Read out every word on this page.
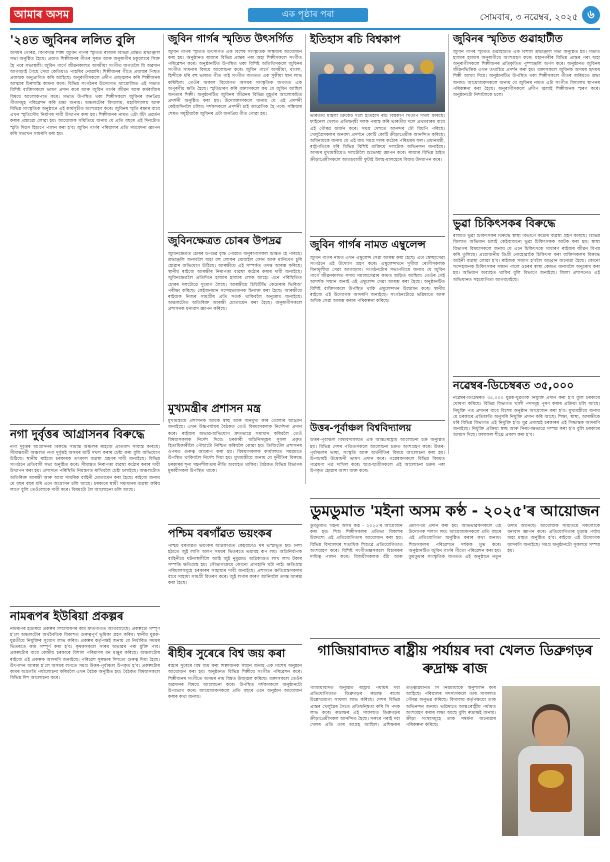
আমাৰ অসম	এক পৃষ্ঠাৰ পৰা	সোমবাৰ, ৩ নৱেম্বৰ, ২০২৫ ৬
'২৪ত জুবিনৰ ললিত বুলি
অসমৰ গৌৰৱ, কিংবদন্তি শিল্পী জুবিন গাৰ্গৰ স্মৃতিত ৰাজ্যৰ বিভিন্ন প্ৰান্তত শ্ৰদ্ধাঞ্জলি সভা অনুষ্ঠিত হৈছে। প্ৰয়াত শিল্পীজনৰ গীতৰ সুৰত আৰু অনুৰাগীৰ চকুলোৰে সিক্ত হৈ পৰে সভাস্থলী। জুবিন গাৰ্গে জীৱনকালত অসমীয়া সংগীত জগতলৈ যি অৱদান আগবঢ়াই গৈছে সেয়া কেতিয়াও পাহৰিব নোৱাৰি। শিল্পীজনৰ গীতে প্ৰজন্মৰ পিছত প্ৰজন্মক অনুপ্ৰাণিত কৰি আহিছে। অনুৰাগীসকলে প্ৰদীপ প্ৰজ্জ্বলন কৰি শিল্পীজনৰ আত্মাৰ চিৰশান্তি কামনা কৰে। বিভিন্ন সংগঠনৰ উদ্যোগত আয়োজিত এই সভাত বিশিষ্ট ব্যক্তিসকলে ভাষণ প্ৰদান কৰে আৰু জুবিন গাৰ্গৰ জীৱন আৰু কৰ্মৰাজিৰ বিষয়ে আলোকপাত কৰে। সভাত উপস্থিত থকা শিল্পীসকলে জুবিনৰ জনপ্ৰিয় গীতসমূহ পৰিৱেশন কৰি শ্ৰদ্ধা জনায়। অঞ্চলটোৰ বিদ্যালয়, মহাবিদ্যালয় আৰু বিভিন্ন সাংস্কৃতিক অনুষ্ঠানে এই কাৰ্যসূচীত অংশগ্ৰহণ কৰে। জুবিনৰ স্মৃতি ৰক্ষাৰ বাবে এখন স্মৃতিসৌধ নিৰ্মাণৰ দাবী উত্থাপন কৰা হয়। শিল্পীজনৰ নামত এটা বঁটা প্ৰৱৰ্তন কৰাৰ প্ৰস্তাৱো লোৱা হয়। আয়োজক সমিতিয়ে জনায় যে প্ৰতি বছৰে এই দিনটোত স্মৃতি দিৱস হিচাপে পালন কৰা হ'ব। জুবিন গাৰ্গৰ পৰিয়ালৰ প্ৰতি সমবেদনা জ্ঞাপন কৰি সভাখন সামৰণি মৰা হয়।
নগা দুৰ্বৃত্তৰ আগ্ৰাসনৰ বিৰুদ্ধে
নগা দুৰ্বৃত্তৰ আগ্ৰাসনৰ বিৰুদ্ধে সীমান্ত অঞ্চলৰ ৰাইজে প্ৰতিবাদ সাব্যস্ত কৰিছে। সীমান্তবৰ্তী অঞ্চলত নগা দুৰ্বৃত্তই অসমৰ মাটি দখল কৰাৰ চেষ্টা কৰা বুলি অভিযোগ উঠিছে। স্থানীয় ৰাইজে চৰকাৰক তৎকাল ব্যৱস্থা গ্ৰহণৰ দাবী জনাইছে। বিভিন্ন সংগঠনে প্ৰতিবাদী সভা অনুষ্ঠিত কৰে। সীমান্তত নিৰাপত্তা ব্যৱস্থা কঠোৰ কৰাৰ দাবী উত্থাপন কৰা হয়। প্ৰশাসনে পৰিস্থিতি নিয়ন্ত্ৰণত ৰাখিবলৈ চেষ্টা চলাইছে। অঞ্চলটোত অতিৰিক্ত আৰক্ষী আৰু আধা সামৰিক বাহিনী মোতায়েন কৰা হৈছে। ৰাইজে জনায় যে বছৰ বছৰ ধৰি এনে আগ্ৰাসন চলি আছে। চৰকাৰে স্থায়ী সমাধানৰ ব্যৱস্থা কৰিব লাগে বুলি তেওঁলোকে দাবী কৰে। বিষয়টো লৈ আলোচনা চলি আছে।
নামৰূপৰ ইউৰিয়া প্ৰকল্পৰ
নামৰূপৰ ইউৰিয়া প্ৰকল্পৰ সম্প্ৰসাৰণৰ কাম দ্ৰুতগতিত আগবাঢ়িছে। প্ৰকল্পটো সম্পূৰ্ণ হ'লে অঞ্চলটোৰ অৰ্থনৈতিক বিকাশত গুৰুত্বপূৰ্ণ ভূমিকা গ্ৰহণ কৰিব। স্থানীয় যুৱক-যুৱতীয়ে নিযুক্তিৰ সুযোগ লাভ কৰিব। প্ৰকল্পৰ কৰ্তৃপক্ষই জনায় যে নিৰ্ধাৰিত সময়ৰ ভিতৰতে কাম সম্পূৰ্ণ কৰা হ'ব। কৃষকসকলে সাৰৰ অভাৱৰ পৰা মুক্তি পাব। প্ৰকল্পটোৰ বাবে কেন্দ্ৰীয় চৰকাৰে বিশাল পৰিমাণৰ ধন মঞ্জুৰ কৰিছে। অঞ্চলটোৰ ৰাইজে এই প্ৰকল্পক আদৰণি জনাইছে। পৰিৱেশ সুৰক্ষাৰ দিশতো গুৰুত্ব দিয়া হৈছে। উৎপাদন আৰম্ভ হ'লে অসমৰ লগতে সমগ্ৰ উত্তৰ-পূৰ্বাঞ্চল উপকৃত হ'ব। প্ৰকল্পটোৰ কামৰ অগ্ৰগতি পৰ্যালোচনা কৰিবলৈ এখন বৈঠক অনুষ্ঠিত হয়। বৈঠকত বিষয়াসকলে বিভিন্ন দিশ আলোচনা কৰে।
জুবিন গাৰ্গৰ স্মৃতিত উৎসৰ্গিত
জুবিন গাৰ্গৰ স্মৃতিত উৎসৰ্গিত এক বিশেষ সাংস্কৃতিক সন্ধিয়াৰ আয়োজন কৰা হয়। অনুষ্ঠানত ৰাজ্যৰ বিভিন্ন প্ৰান্তৰ পৰা অহা শিল্পীসকলে সংগীত পৰিৱেশন কৰে। অনুষ্ঠানটিত উপস্থিত থকা বিশিষ্ট অতিথিসকলে জুবিনৰ সংগীত সাধনাৰ বিষয়ে আলোচনা কৰে। জুবিন গাৰ্গে অসমীয়া, বাংলা, হিন্দীকে ধৰি বহু ভাষাত গীত গাই সংগীত জগতত এক সুকীয়া স্থান লাভ কৰিছিল। তেওঁৰ অকাল বিয়োগত অসমৰ সাংস্কৃতিক জগতত এক অপূৰণীয় ক্ষতি হৈছে। স্মৃতিচাৰণ কৰি বক্তাসকলে কয় যে জুবিন আছিল জনতাৰ শিল্পী। অনুষ্ঠানটিত জুবিনৰ জীৱনৰ বিভিন্ন মুহূৰ্তৰ আলোকচিত্ৰ প্ৰদৰ্শনী অনুষ্ঠিত কৰা হয়। উদ্যোক্তাসকলে জনায় যে এই প্ৰদৰ্শনী কেইবাদিনলৈ চলিব। দৰ্শকসকলে প্ৰদৰ্শনী চাই আৱেগিক হৈ পৰে। সন্ধিয়াৰ শেষত সমূহীয়াকৈ জুবিনৰ এটা জনপ্ৰিয় গীত গোৱা হয়।
জুবিনক্ষেত্ৰত চোৰৰ উপদ্ৰৱ
জুবিনক্ষেত্ৰত চোৰৰ উপদ্ৰৱ বৃদ্ধি পোৱাত অনুৰাগীসকল চিন্তিত হৈ পৰিছে। শ্ৰদ্ধাঞ্জলি জনাবলৈ অহা বহু লোকৰ মোবাইল ফোন আৰু মানিবেগ চুৰি হোৱাৰ অভিযোগ উঠিছে। আৰক্ষীয়ে এই সম্পৰ্কত তদন্ত আৰম্ভ কৰিছে। স্থানীয় ৰাইজে আৰক্ষীৰ নিৰাপত্তা ব্যৱস্থা কঠোৰ কৰাৰ দাবী জনাইছে। জুবিনক্ষেত্ৰলৈ প্ৰতিদিনে হাজাৰ হাজাৰ লোক আহে। এনে পৰিস্থিতিত চোৰৰ দলটোৱে সুযোগ লৈছে। আৰক্ষীয়ে চিচিটিভি কেমেৰাৰ ভিৰিঅ' পৰীক্ষা কৰিছে। কেইজনমান সন্দেহভাজনক চিনাক্ত কৰা হৈছে। আৰক্ষীয়ে ৰাইজক নিজৰ সামগ্ৰীৰ প্ৰতি সতৰ্ক থাকিবলৈ অনুৰোধ জনাইছে। অঞ্চলটোত অতিৰিক্ত আৰক্ষী মোতায়েন কৰা হৈছে। অনুৰাগীসকলে প্ৰশাসনক ধন্যবাদ জ্ঞাপন কৰিছে।
মুখ্যমন্ত্ৰীৰ প্ৰশাসন মন্ত্ৰ
মুখ্যমন্ত্ৰীয়ে প্ৰশাসনক অধিক স্বচ্ছ আৰু জনমুখী কৰি তোলাৰ আহ্বান জনাইছে। এখন উচ্চপৰ্যায়ৰ বৈঠকত তেওঁ বিষয়াসকলক নিৰ্দেশনা প্ৰদান কৰে। ৰাইজৰ অভাৱ-অভিযোগ দ্ৰুতভাৱে সমাধান কৰিবলৈ তেওঁ বিষয়াসকলক নিৰ্দেশ দিয়ে। চৰকাৰী আঁচনিসমূহৰ সুফল প্ৰকৃত হিতাধিকাৰীলৈ পৌছাটো নিশ্চিত কৰিবলৈ কোৱা হয়। ডিজিটেল প্ৰশাসনৰ ওপৰত গুৰুত্ব আৰোপ কৰা হয়। বিষয়াসকলক কাৰ্যালয়ত সময়মতে উপস্থিত থাকিবলৈ নিৰ্দেশ দিয়া হয়। মুখ্যমন্ত্ৰীয়ে জনায় যে দুৰ্নীতিৰ বিৰুদ্ধে চৰকাৰৰ শূন্য সহনশীলতাৰ নীতি অব্যাহত থাকিব। বৈঠকত বিভিন্ন বিভাগৰ মুৰব্বীসকল উপস্থিত থাকে।
পশ্চিম বৰগাঁৱত ভয়ংকৰ
পশ্চিম বৰগাঁৱত ভয়ংকৰ অগ্নিকাণ্ডত কেইবাটাও ঘৰ ভস্মীভূত হয়। নিশা হঠাতে জুই লাগি অলপ সময়ৰ ভিতৰতে ভয়াবহ ৰূপ লয়। অগ্নিনিৰ্বাপক বাহিনীয়ে ঘটনাস্থলীলৈ আহি জুই নুমুৱায়। অগ্নিকাণ্ডত লাখ লাখ টকাৰ সম্পত্তি ক্ষতিগ্ৰস্ত হয়। সৌভাগ্যক্ৰমে কোনো প্ৰাণহানি ঘটা নাই। ক্ষতিগ্ৰস্ত পৰিয়ালসমূহে চৰকাৰৰ সাহায্যৰ দাবী জনাইছে। প্ৰশাসনে ক্ষতিগ্ৰস্তসকলৰ বাবে সাহায্য সামগ্ৰী বিতৰণ কৰে। জুই লগাৰ কাৰণ জানিবলৈ তদন্ত আৰম্ভ কৰা হৈছে।
ৰীহীৰ সুৰেৰে বিশ্ব জয় কৰা
ৰীহীৰ সুৰেৰে বিশ্ব জয় কৰা শিল্পীজনক সন্মান জনাই এক বিশেষ অনুষ্ঠান আয়োজন কৰা হয়। অনুষ্ঠানত বিভিন্ন শিল্পীয়ে সংগীত পৰিৱেশন কৰে। শিল্পীজনৰ সংগীতে অসমৰ নাম বিশ্বত উজ্জ্বল কৰিছে। বক্তাসকলে তেওঁৰ অৱদানৰ বিষয়ে আলোচনা কৰে। উপস্থিত দৰ্শকসকলে অনুষ্ঠানটো উপভোগ কৰে। আয়োজকসকলে প্ৰতি বছৰে এনে অনুষ্ঠান আয়োজন কৰাৰ কথা জনায়।
ইতিহাস ৰচি বিশ্বকাপ
ভাৰতীয় মহিলা ক্ৰিকেট দলে ইতিহাস ৰচি বিশ্বকাপ খিতাপ দখল কৰিছে। ফাইনেল খেলত প্ৰতিদ্বন্দ্বী দলক পৰাস্ত কৰি ভাৰতীয় দলে প্ৰথমবাৰৰ বাবে এই গৌৰৱ অৰ্জন কৰে। সমগ্ৰ দেশতে আনন্দৰ ঢৌ বিয়পি পৰিছে। খেলুৱৈসকলৰ অনবদ্য প্ৰদৰ্শনে কোটি কোটি ক্ৰীড়াপ্ৰেমীক আনন্দিত কৰিছে। অধিনায়কে জনায় যে এই জয় সমগ্ৰ দলৰ কঠোৰ পৰিশ্ৰমৰ ফল। প্ৰধানমন্ত্ৰী, ৰাষ্ট্ৰপতিকে ধৰি বিভিন্ন বিশিষ্ট ব্যক্তিয়ে দলটোক অভিনন্দন জনাইছে। অসমৰ মুখ্যমন্ত্ৰীয়েও দলটোলৈ শুভেচ্ছা জ্ঞাপন কৰে। ৰাজ্যৰ বিভিন্ন ঠাইত ক্ৰীড়াপ্ৰেমীসকলে আতচবাজী ফুটাই উলহ-মালহেৰে বিজয় উদযাপন কৰে।
জুবিন গাৰ্গৰ নামত এম্বুলেন্স
জুবিন গাৰ্গৰ নামত এখন এম্বুলেন্স সেৱা আৰম্ভ কৰা হৈছে। এটা স্বেচ্ছাসেৱী সংগঠনে এই উদ্যোগ গ্ৰহণ কৰে। এম্বুলেন্সখনে দুখীয়া ৰোগীসকলক বিনামূলীয়া সেৱা আগবঢ়াব। সংগঠনটোৰ সভাপতিয়ে জনায় যে জুবিন গাৰ্গে জীৱনকালত সদায় সমাজসেৱাৰ কামত জড়িত আছিল। তেওঁৰ সেই আদৰ্শক সন্মান জনাই এই এম্বুলেন্স সেৱা আৰম্ভ কৰা হৈছে। অনুষ্ঠানটিত বিশিষ্ট ব্যক্তিসকলে উপস্থিত থাকি এম্বুলেন্সখন উদ্বোধন কৰে। স্থানীয় ৰাইজে এই উদ্যোগক আদৰণি জনাইছে। সংগঠনটোৱে ভৱিষ্যতে আৰু অধিক সেৱা আৰম্ভ কৰাৰ পৰিকল্পনা কৰিছে।
উত্তৰ-পূৰ্বাঞ্চল বিশ্ববিদ্যালয়
উত্তৰ-পূৰ্বাঞ্চল বিশ্ববিদ্যালয়ত এক আন্তঃৰাষ্ট্ৰীয় আলোচনা চক্ৰ অনুষ্ঠিত হয়। বিভিন্ন দেশৰ পণ্ডিতসকলে আলোচনা চক্ৰত অংশগ্ৰহণ কৰে। উত্তৰ-পূৰ্বাঞ্চলৰ ভাষা, সংস্কৃতি আৰু অৰ্থনীতিৰ বিষয়ে আলোচনা কৰা হয়। উপাচাৰ্যই উদ্বোধনী ভাষণ প্ৰদান কৰে। গৱেষকসকলে বিভিন্ন বিষয়ত গৱেষণা পত্ৰ দাখিল কৰে। ছাত্ৰ-ছাত্ৰীসকলে এই আলোচনা চক্ৰৰ পৰা উপকৃত হোৱাৰ আশা ব্যক্ত কৰে।
জুবিনৰ স্মৃতিত গুৱাহাটীত
জুবিন গাৰ্গৰ স্মৃতিত গুৱাহাটীত এক বিশাল শ্ৰদ্ধাঞ্জলি সভা অনুষ্ঠিত হয়। সভাত হাজাৰ হাজাৰ অনুৰাগীয়ে অংশগ্ৰহণ কৰে। মহানগৰীৰ বিভিন্ন প্ৰান্তৰ পৰা অহা অনুৰাগীসকলে শিল্পীজনৰ প্ৰতিকৃতিত পুষ্পাঞ্জলি অৰ্পণ কৰে। অনুষ্ঠানত জুবিনৰ জীৱনভিত্তিক এখন তথ্যচিত্ৰ প্ৰদৰ্শন কৰা হয়। বক্তাসকলে জুবিনক অসমৰ হৃদয়ৰ শিল্পী আখ্যা দিয়ে। অনুষ্ঠানটিত উপস্থিত থকা শিল্পীসকলে গীতৰ জৰিয়তে শ্ৰদ্ধা জনায়। আয়োজকসকলে জনায় যে জুবিনৰ নামত এটা সংগীত বিদ্যালয় স্থাপনৰ পৰিকল্পনা কৰা হৈছে। অনুৰাগীসকলে প্ৰদীপ জ্বলাই শিল্পীজনক স্মৰণ কৰে। অনুষ্ঠানটো নিশালৈকে চলে।
ভুৱা চিকিৎসকৰ বিৰুদ্ধে
ৰাজ্যত ভুৱা চিকিৎসকৰ বিৰুদ্ধে স্বাস্থ্য বিভাগে কঠোৰ ব্যৱস্থা গ্ৰহণ কৰিছে। বিভিন্ন জিলাত অভিযান চলাই কেইবাজনো ভুৱা চিকিৎসকক আটক কৰা হয়। স্বাস্থ্য বিভাগৰ বিষয়াসকলে জনায় যে এনে চিকিৎসকে সাধাৰণ ৰাইজৰ জীৱন বিপন্ন কৰি তুলিছে। প্ৰয়োজনীয় ডিগ্ৰী নোহোৱাকৈ চিকিৎসা কৰা ব্যক্তিসকলৰ বিৰুদ্ধে আইনী ব্যৱস্থা লোৱা হ'ব। ৰাইজক সজাগ হ'বলৈ আহ্বান জনোৱা হৈছে। কোনো সন্দেহজনক চিকিৎসকৰ সন্ধান পালে ওচৰৰ স্বাস্থ্য কেন্দ্ৰত জনাবলৈ অনুৰোধ কৰা হয়। অভিযান অব্যাহত থাকিব বুলি বিভাগে জনাইছে। জিলা প্ৰশাসনেও এই অভিযানত সহযোগিতা আগবঢ়াইছে।
নৱেম্বৰ-ডিচেম্বৰত ৩৫,০০০
নৱেম্বৰ-ডিচেম্বৰত ৩৫,০০০ যুৱক-যুৱতীক নিযুক্তি প্ৰদান কৰা হ'ব বুলি চৰকাৰে ঘোষণা কৰিছে। বিভিন্ন বিভাগত খালী পদসমূহ পূৰণ কৰাৰ প্ৰক্ৰিয়া চলি আছে। নিযুক্তি পত্ৰ প্ৰদানৰ বাবে বিশেষ অনুষ্ঠান আয়োজন কৰা হ'ব। মুখ্যমন্ত্ৰীয়ে জনায় যে চৰকাৰে প্ৰতিশ্ৰুতি অনুসৰি নিযুক্তি প্ৰদান কৰি আছে। শিক্ষা, স্বাস্থ্য, আৰক্ষীকে ধৰি বিভিন্ন বিভাগত এই নিযুক্তি হ'ব। যুৱ প্ৰজন্মই চৰকাৰৰ এই সিদ্ধান্তক আদৰণি জনাইছে। নিযুক্তি প্ৰক্ৰিয়া স্বচ্ছ আৰু নিৰপেক্ষভাৱে সম্পন্ন কৰা হ'ব বুলি চৰকাৰে আশ্বাস দিছে। ফলাফল শীঘ্ৰে প্ৰকাশ কৰা হ'ব।
ডুমডুমাত 'মইনা অসম কণ্ঠ - ২০২৫'ৰ আয়োজন
ডুমডুমাত 'মইনা অসম কণ্ঠ - ২০২৫'ৰ আয়োজন কৰা হয়। শিশু শিল্পীসকলৰ প্ৰতিভা বিকাশৰ উদ্দেশ্যে এই প্ৰতিযোগিতাৰ আয়োজন কৰা হয়। বিভিন্ন বিদ্যালয়ৰ শতাধিক শিশুৱে প্ৰতিযোগিতাত অংশগ্ৰহণ কৰে। বিশিষ্ট সংগীতজ্ঞসকলে বিচাৰকৰ দায়িত্ব পালন কৰে। বিজয়ীসকলক বঁটা আৰু প্ৰমাণপত্ৰ প্ৰদান কৰা হয়। অভিভাৱকসকলে এই উদ্যোগক শলাগ লয়। আয়োজকসকলে প্ৰতি বছৰে এই প্ৰতিযোগিতা অনুষ্ঠিত কৰাৰ কথা জনায়। শিশুসকলৰ পৰিৱেশনে দৰ্শকক মুগ্ধ কৰে। অনুষ্ঠানটিত জুবিন গাৰ্গৰ গীতো পৰিৱেশন কৰা হয়। ডুমডুমাৰ সাংস্কৃতিক জগতত এই অনুষ্ঠানে নতুন উদ্যম আনিছে। আয়োজক সমিতিয়ে সকলোকে ধন্যবাদ জ্ঞাপন কৰে। প্ৰতিযোগিতাৰ চূড়ান্ত পৰ্যায় অহা মাহত অনুষ্ঠিত হ'ব। ৰাইজে এই উদ্যোগক আদৰণি জনাইছে। সমগ্ৰ অনুষ্ঠানটো সুকলমে সম্পন্ন হয়।
গাজিয়াবাদত ৰাষ্ট্ৰীয় পৰ্যায়ৰ দবা খেলত ডিব্ৰুগড়ৰ ৰুদ্ৰাক্ষ ৰাজ
গাজিয়াবাদত অনুষ্ঠিত ৰাষ্ট্ৰীয় পৰ্যায়ৰ দবা প্ৰতিযোগিতাত ডিব্ৰুগড়ৰ ৰুদ্ৰাক্ষ ৰাজে উল্লেখযোগ্য সাফল্য লাভ কৰিছে। দেশৰ বিভিন্ন প্ৰান্তৰ খেলুৱৈৰ সৈতে প্ৰতিদ্বন্দ্বিতা কৰি সি পদক লাভ কৰে। ৰুদ্ৰাক্ষৰ এই সাফল্যত ডিব্ৰুগড়ৰ ক্ৰীড়াপ্ৰেমীসকল আনন্দিত হৈছে। সৰুৰে পৰাই দবা খেলৰ প্ৰতি তাৰ আগ্ৰহ আছিল। প্ৰশিক্ষকৰ তত্ত্বাৱধানত সি নিয়মীয়াকৈ অনুশীলন কৰি আহিছে। পৰিয়ালৰ সদস্যসকলে তাৰ সাফল্যত গৌৰৱ অনুভৱ কৰিছে। বিদ্যালয় কৰ্তৃপক্ষয়ো তাক অভিনন্দন জনায়। ভৱিষ্যতে আন্তঃৰাষ্ট্ৰীয় পৰ্যায়ত অংশগ্ৰহণ কৰাৰ লক্ষ্য আছে বুলি ৰুদ্ৰাক্ষই জনায়। ক্ৰীড়া সংস্থাসমূহে তাক সম্বৰ্ধনা জনোৱাৰ পৰিকল্পনা কৰিছে।
